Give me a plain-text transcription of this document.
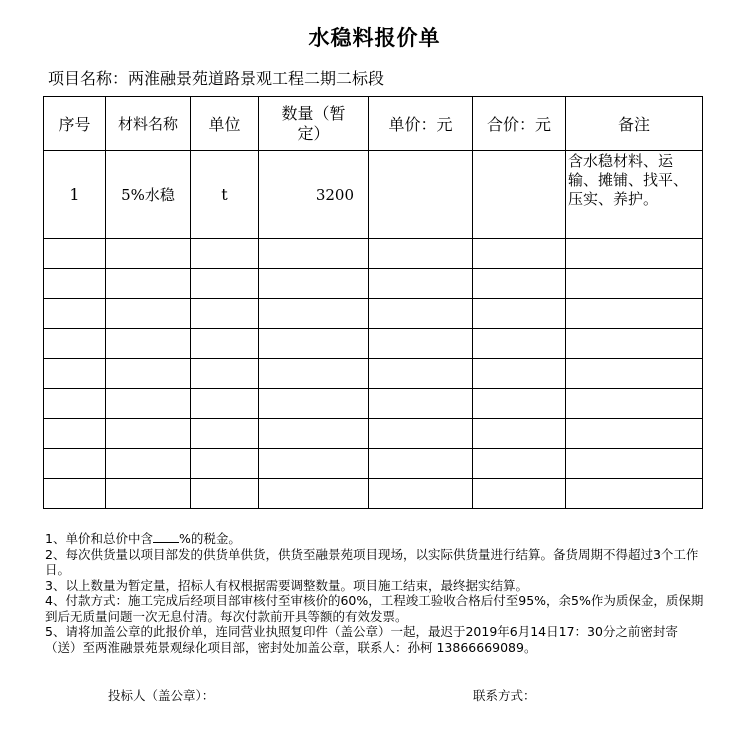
水稳料报价单
项目名称：两淮融景苑道路景观工程二期二标段
序号	材料名称	单位	数量（暂定）	单价：元	合价：元	备注
1	5%水稳	t	3200			含水稳材料、运输、摊铺、找平、压实、养护。

1、单价和总价中含 %的税金。
2、每次供货量以项目部发的供货单供货，供货至融景苑项目现场，以实际供货量进行结算。备货周期不得超过3个工作日。
3、以上数量为暂定量，招标人有权根据需要调整数量。项目施工结束，最终据实结算。
4、付款方式：施工完成后经项目部审核付至审核价的60%，工程竣工验收合格后付至95%，余5%作为质保金，质保期到后无质量问题一次无息付清。每次付款前开具等额的有效发票。
5、请将加盖公章的此报价单，连同营业执照复印件（盖公章）一起，最迟于2019年6月14日17：30分之前密封寄（送）至两淮融景苑景观绿化项目部，密封处加盖公章，联系人：孙柯 13866669089。
投标人（盖公章）：	联系方式：
